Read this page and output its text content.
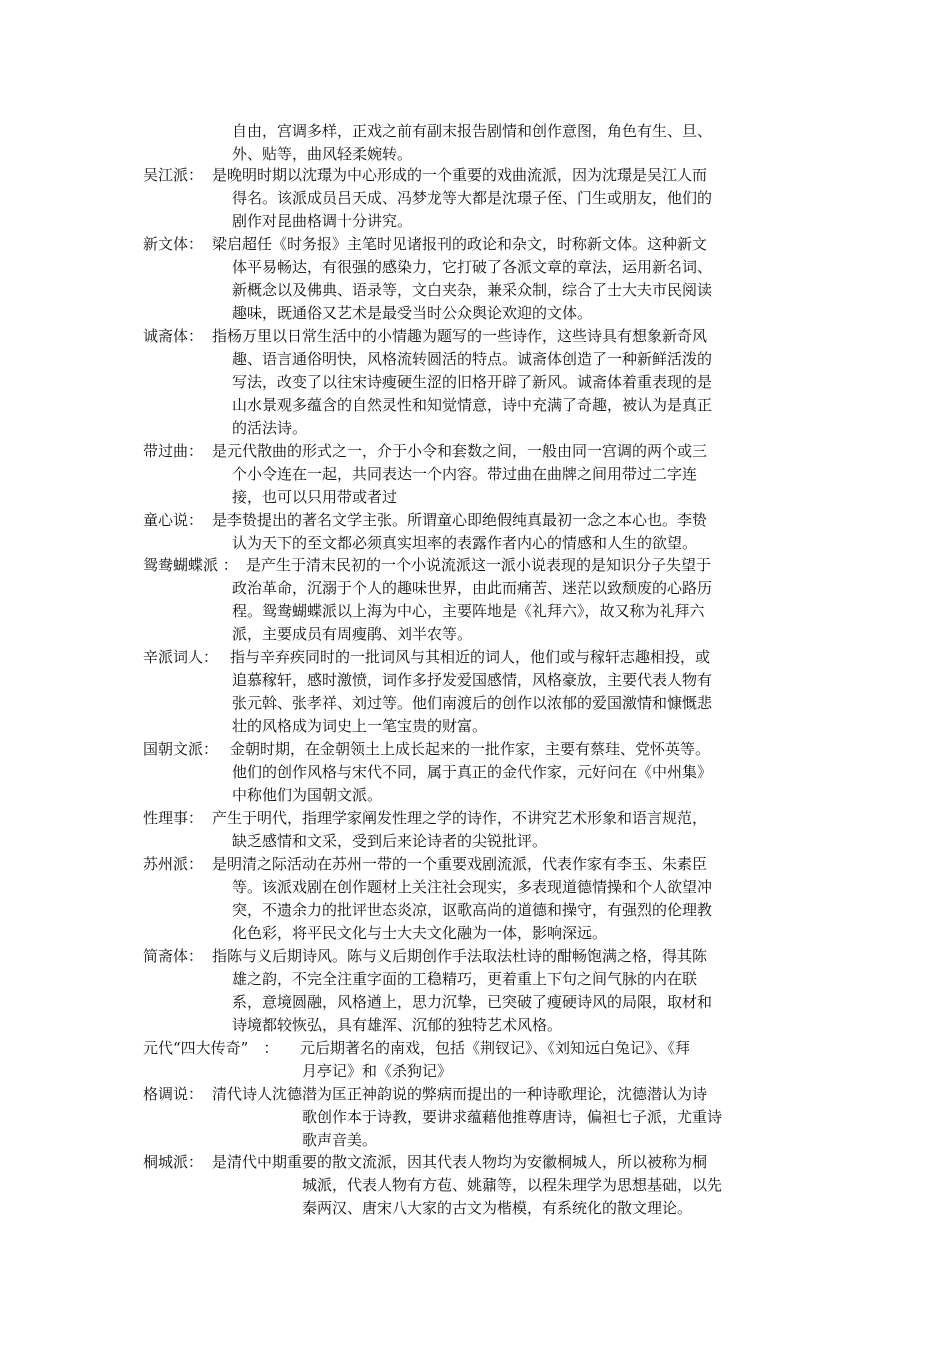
自由，宫调多样，正戏之前有副末报告剧情和创作意图，角色有生、旦、
外、贴等，曲风轻柔婉转。
吴江派： 是晚明时期以沈璟为中心形成的一个重要的戏曲流派，因为沈璟是吴江人而
得名。该派成员吕天成、冯梦龙等大都是沈璟子侄、门生或朋友，他们的
剧作对昆曲格调十分讲究。
新文体： 梁启超任《时务报》主笔时见诸报刊的政论和杂文，时称新文体。这种新文
体平易畅达，有很强的感染力，它打破了各派文章的章法，运用新名词、
新概念以及佛典、语录等，文白夹杂，兼采众制，综合了士大夫市民阅读
趣味，既通俗又艺术是最受当时公众舆论欢迎的文体。
诚斋体： 指杨万里以日常生活中的小情趣为题写的一些诗作，这些诗具有想象新奇风
趣、语言通俗明快，风格流转圆活的特点。诚斋体创造了一种新鲜活泼的
写法，改变了以往宋诗瘦硬生涩的旧格开辟了新风。诚斋体着重表现的是
山水景观多蕴含的自然灵性和知觉情意，诗中充满了奇趣，被认为是真正
的活法诗。
带过曲： 是元代散曲的形式之一，介于小令和套数之间，一般由同一宫调的两个或三
个小令连在一起，共同表达一个内容。带过曲在曲牌之间用带过二字连
接，也可以只用带或者过
童心说： 是李贽提出的著名文学主张。所谓童心即绝假纯真最初一念之本心也。李贽
认为天下的至文都必须真实坦率的表露作者内心的情感和人生的欲望。
鸳鸯蝴蝶派 ： 是产生于清末民初的一个小说流派这一派小说表现的是知识分子失望于
政治革命，沉溺于个人的趣味世界，由此而痛苦、迷茫以致颓废的心路历
程。鸳鸯蝴蝶派以上海为中心，主要阵地是《礼拜六》，故又称为礼拜六
派，主要成员有周瘦鹃、刘半农等。
辛派词人： 指与辛弃疾同时的一批词风与其相近的词人，他们或与稼轩志趣相投，或
追慕稼轩，感时激愤，词作多抒发爱国感情，风格豪放，主要代表人物有
张元斡、张孝祥、刘过等。他们南渡后的创作以浓郁的爱国激情和慷慨悲
壮的风格成为词史上一笔宝贵的财富。
国朝文派： 金朝时期，在金朝领土上成长起来的一批作家，主要有蔡珪、党怀英等。
他们的创作风格与宋代不同，属于真正的金代作家，元好问在《中州集》
中称他们为国朝文派。
性理事： 产生于明代，指理学家阐发性理之学的诗作，不讲究艺术形象和语言规范，
缺乏感情和文采，受到后来论诗者的尖锐批评。
苏州派： 是明清之际活动在苏州一带的一个重要戏剧流派，代表作家有李玉、朱素臣
等。该派戏剧在创作题材上关注社会现实，多表现道德情操和个人欲望冲
突，不遗余力的批评世态炎凉，讴歌高尚的道德和操守，有强烈的伦理教
化色彩，将平民文化与士大夫文化融为一体，影响深远。
简斋体： 指陈与义后期诗风。陈与义后期创作手法取法杜诗的酣畅饱满之格，得其陈
雄之韵，不完全注重字面的工稳精巧，更着重上下句之间气脉的内在联
系，意境圆融，风格遒上，思力沉挚，已突破了瘦硬诗风的局限，取材和
诗境都较恢弘，具有雄浑、沉郁的独特艺术风格。
元代“四大传奇”　： 元后期著名的南戏，包括《荆钗记》、《刘知远白兔记》、《拜
月亭记》和《杀狗记》
格调说： 清代诗人沈德潜为匡正神韵说的弊病而提出的一种诗歌理论，沈德潜认为诗
歌创作本于诗教，要讲求蕴藉他推尊唐诗，偏袒七子派，尤重诗
歌声音美。
桐城派： 是清代中期重要的散文流派，因其代表人物均为安徽桐城人，所以被称为桐
城派，代表人物有方苞、姚鼐等，以程朱理学为思想基础，以先
秦两汉、唐宋八大家的古文为楷模，有系统化的散文理论。
